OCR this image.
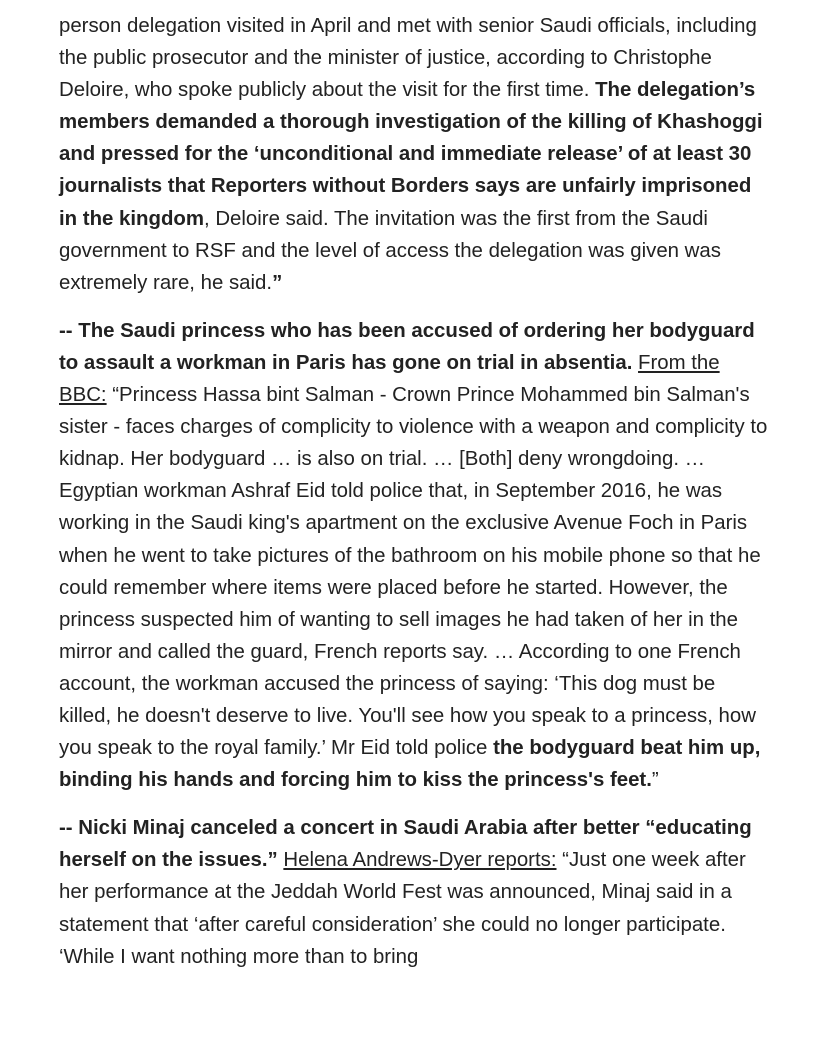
person delegation visited in April and met with senior Saudi officials, including the public prosecutor and the minister of justice, according to Christophe Deloire, who spoke publicly about the visit for the first time. The delegation’s members demanded a thorough investigation of the killing of Khashoggi and pressed for the ‘unconditional and immediate release’ of at least 30 journalists that Reporters without Borders says are unfairly imprisoned in the kingdom, Deloire said. The invitation was the first from the Saudi government to RSF and the level of access the delegation was given was extremely rare, he said.”

-- The Saudi princess who has been accused of ordering her bodyguard to assault a workman in Paris has gone on trial in absentia. From the BBC: “Princess Hassa bint Salman - Crown Prince Mohammed bin Salman's sister - faces charges of complicity to violence with a weapon and complicity to kidnap. Her bodyguard … is also on trial. … [Both] deny wrongdoing. … Egyptian workman Ashraf Eid told police that, in September 2016, he was working in the Saudi king's apartment on the exclusive Avenue Foch in Paris when he went to take pictures of the bathroom on his mobile phone so that he could remember where items were placed before he started. However, the princess suspected him of wanting to sell images he had taken of her in the mirror and called the guard, French reports say. … According to one French account, the workman accused the princess of saying: ‘This dog must be killed, he doesn't deserve to live. You'll see how you speak to a princess, how you speak to the royal family.’ Mr Eid told police the bodyguard beat him up, binding his hands and forcing him to kiss the princess's feet.”

-- Nicki Minaj canceled a concert in Saudi Arabia after better “educating herself on the issues.” Helena Andrews-Dyer reports: “Just one week after her performance at the Jeddah World Fest was announced, Minaj said in a statement that ‘after careful consideration’ she could no longer participate. ‘While I want nothing more than to bring
